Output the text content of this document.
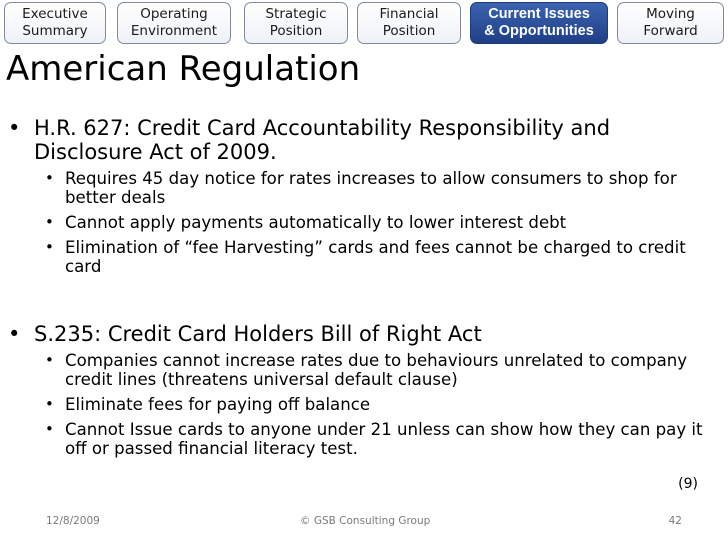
Executive
Summary
Operating
Environment
Strategic
Position
Financial
Position
Current Issues
& Opportunities
Moving
Forward
American Regulation

• H.R. 627: Credit Card Accountability Responsibility and Disclosure Act of 2009.

• Requires 45 day notice for rates increases to allow consumers to shop for better deals
• Cannot apply payments automatically to lower interest debt
• Elimination of “fee Harvesting” cards and fees cannot be charged to credit card

• S.235: Credit Card Holders Bill of Right Act

• Companies cannot increase rates due to behaviours unrelated to company credit lines (threatens universal default clause)
• Eliminate fees for paying off balance
• Cannot Issue cards to anyone under 21 unless can show how they can pay it off or passed financial literacy test.
(9)
12/8/2009	© GSB Consulting Group	42
